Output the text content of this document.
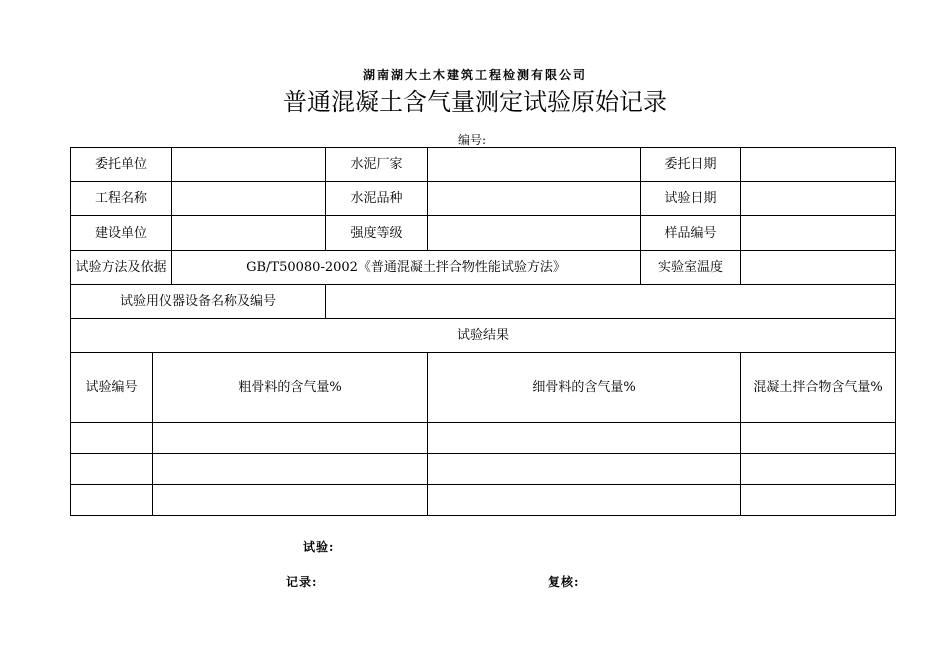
湖南湖大土木建筑工程检测有限公司
普通混凝土含气量测定试验原始记录
编号:
委托单位			水泥厂家		委托日期	
工程名称			水泥品种		试验日期	
建设单位			强度等级		样品编号	
试验方法及依据		GB/T50080-2002《普通混凝土拌合物性能试验方法》			实验室温度	
试验用仪器设备名称及编号						
试验结果						
试验编号	粗骨料的含气量%			细骨料的含气量%		混凝土拌合物含气量%

试验:
记录:	复核:
